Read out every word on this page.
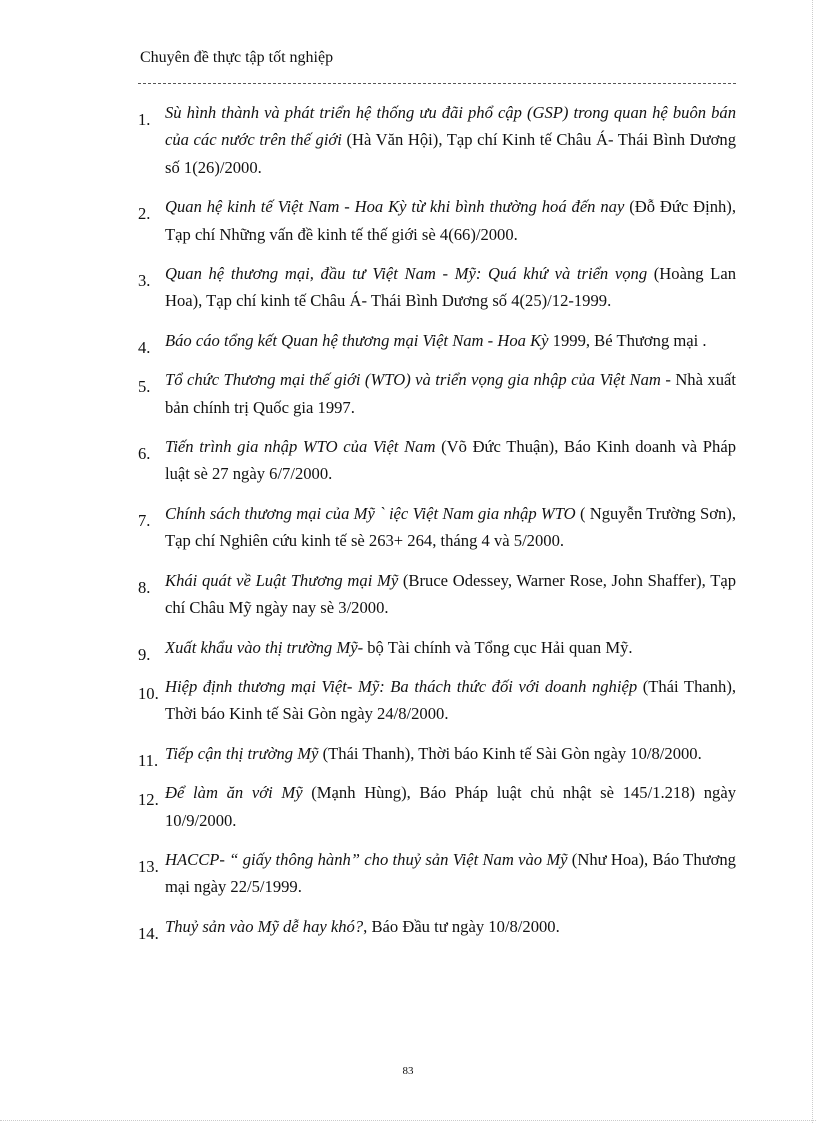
Chuyên đề thực tập tốt nghiệp
1. Sù hình thành và phát triển hệ thống ưu đãi phổ cập (GSP) trong quan hệ buôn bán của các nước trên thế giới (Hà Văn Hội), Tạp chí Kinh tế Châu Á- Thái Bình Dương số 1(26)/2000.
2. Quan hệ kinh tế Việt Nam - Hoa Kỳ từ khi bình thường hoá đến nay (Đỗ Đức Định), Tạp chí Những vấn đề kinh tế thế giới sè 4(66)/2000.
3. Quan hệ thương mại, đầu tư Việt Nam - Mỹ: Quá khứ và triển vọng (Hoàng Lan Hoa), Tạp chí kinh tế Châu Á- Thái Bình Dương số 4(25)/12-1999.
4. Báo cáo tổng kết Quan hệ thương mại Việt Nam - Hoa Kỳ 1999, Bé Thương mại .
5. Tổ chức Thương mại thế giới (WTO) và triển vọng gia nhập của Việt Nam - Nhà xuất bản chính trị Quốc gia 1997.
6. Tiến trình gia nhập WTO của Việt Nam (Võ Đức Thuận), Báo Kinh doanh và Pháp luật sè 27 ngày 6/7/2000.
7. Chính sách thương mại của Mỹ ` iệc Việt Nam gia nhập WTO ( Nguyễn Trường Sơn), Tạp chí Nghiên cứu kinh tế sè 263+ 264, tháng 4 và 5/2000.
8. Khái quát về Luật Thương mại Mỹ (Bruce Odessey, Warner Rose, John Shaffer), Tạp chí Châu Mỹ ngày nay sè 3/2000.
9. Xuất khẩu vào thị trường Mỹ- bộ Tài chính và Tổng cục Hải quan Mỹ.
10. Hiệp định thương mại Việt- Mỹ: Ba thách thức đối với doanh nghiệp (Thái Thanh), Thời báo Kinh tế Sài Gòn ngày 24/8/2000.
11. Tiếp cận thị trường Mỹ (Thái Thanh), Thời báo Kinh tế Sài Gòn ngày 10/8/2000.
12. Để làm ăn với Mỹ (Mạnh Hùng), Báo Pháp luật chủ nhật sè 145/1.218) ngày 10/9/2000.
13. HACCP- “ giấy thông hành” cho thuỷ sản Việt Nam vào Mỹ (Như Hoa), Báo Thương mại ngày 22/5/1999.
14. Thuỷ sản vào Mỹ dễ hay khó?, Báo Đầu tư ngày 10/8/2000.
83
